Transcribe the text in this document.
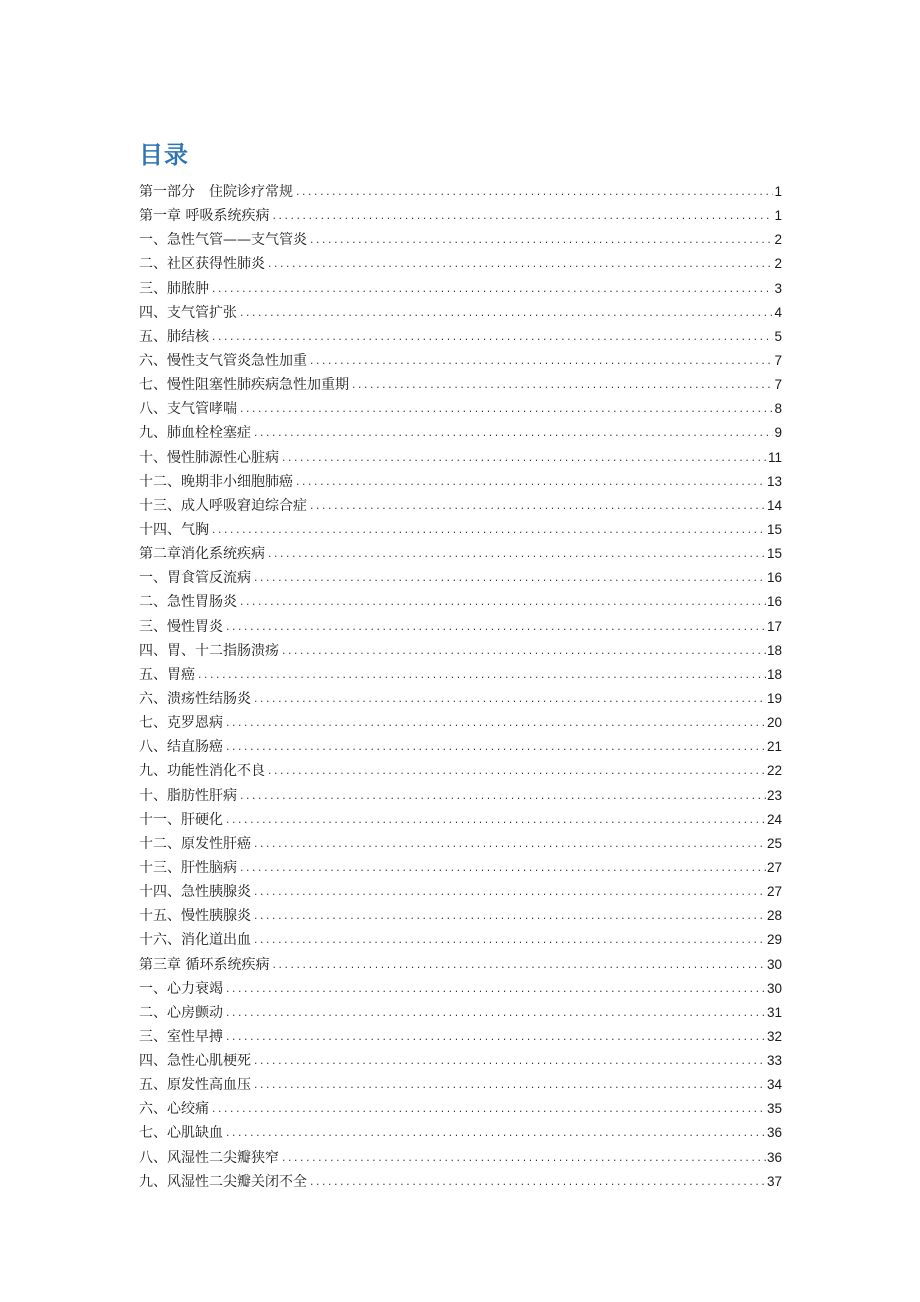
目录
第一部分　住院诊疗常规 .....	1
第一章 呼吸系统疾病 .....	1
一、急性气管——支气管炎 .....	2
二、社区获得性肺炎 .....	2
三、肺脓肿 .....	3
四、支气管扩张 .....	4
五、肺结核 .....	5
六、慢性支气管炎急性加重 .....	7
七、慢性阻塞性肺疾病急性加重期 .....	7
八、支气管哮喘 .....	8
九、肺血栓栓塞症 .....	9
十、慢性肺源性心脏病 .....	11
十二、晚期非小细胞肺癌 .....	13
十三、成人呼吸窘迫综合症 .....	14
十四、气胸 .....	15
第二章消化系统疾病 .....	15
一、胃食管反流病 .....	16
二、急性胃肠炎 .....	16
三、慢性胃炎 .....	17
四、胃、十二指肠溃疡 .....	18
五、胃癌 .....	18
六、溃疡性结肠炎 .....	19
七、克罗恩病 .....	20
八、结直肠癌 .....	21
九、功能性消化不良 .....	22
十、脂肪性肝病 .....	23
十一、肝硬化 .....	24
十二、原发性肝癌 .....	25
十三、肝性脑病 .....	27
十四、急性胰腺炎 .....	27
十五、慢性胰腺炎 .....	28
十六、消化道出血 .....	29
第三章 循环系统疾病 .....	30
一、心力衰竭 .....	30
二、心房颤动 .....	31
三、室性早搏 .....	32
四、急性心肌梗死 .....	33
五、原发性高血压 .....	34
六、心绞痛 .....	35
七、心肌缺血 .....	36
八、风湿性二尖瓣狭窄 .....	36
九、风湿性二尖瓣关闭不全 .....	37
